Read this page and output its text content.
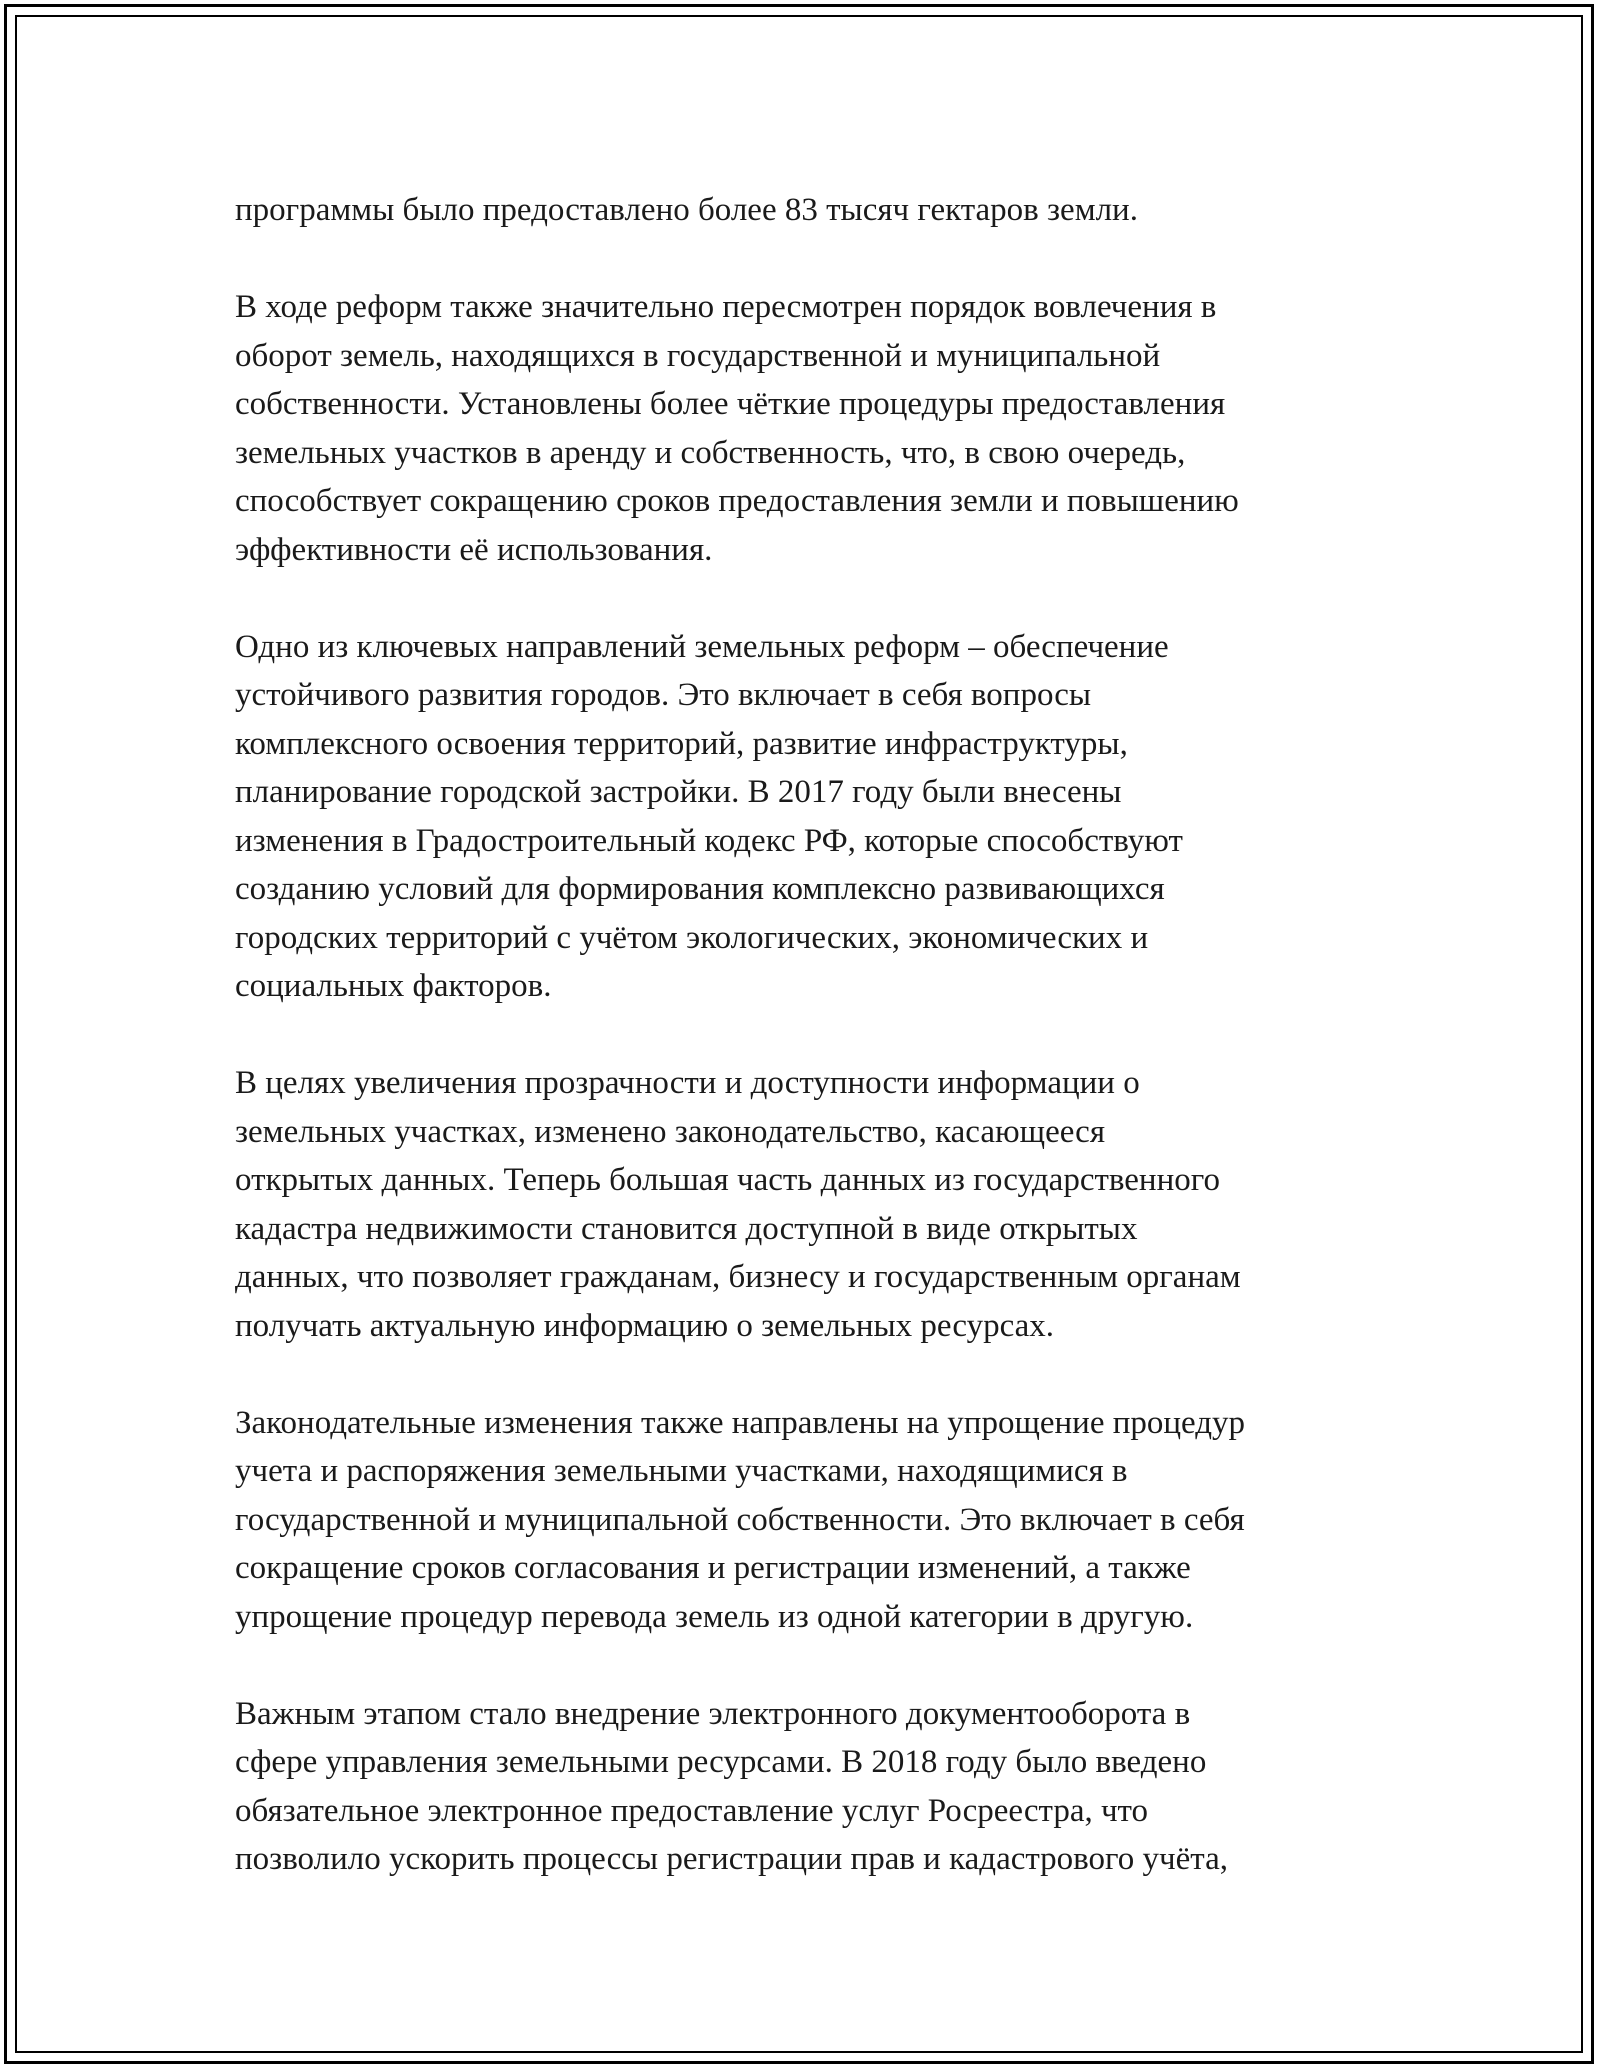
программы было предоставлено более 83 тысяч гектаров земли.

В ходе реформ также значительно пересмотрен порядок вовлечения в
оборот земель, находящихся в государственной и муниципальной
собственности. Установлены более чёткие процедуры предоставления
земельных участков в аренду и собственность, что, в свою очередь,
способствует сокращению сроков предоставления земли и повышению
эффективности её использования.

Одно из ключевых направлений земельных реформ – обеспечение
устойчивого развития городов. Это включает в себя вопросы
комплексного освоения территорий, развитие инфраструктуры,
планирование городской застройки. В 2017 году были внесены
изменения в Градостроительный кодекс РФ, которые способствуют
созданию условий для формирования комплексно развивающихся
городских территорий с учётом экологических, экономических и
социальных факторов.

В целях увеличения прозрачности и доступности информации о
земельных участках, изменено законодательство, касающееся
открытых данных. Теперь большая часть данных из государственного
кадастра недвижимости становится доступной в виде открытых
данных, что позволяет гражданам, бизнесу и государственным органам
получать актуальную информацию о земельных ресурсах.

Законодательные изменения также направлены на упрощение процедур
учета и распоряжения земельными участками, находящимися в
государственной и муниципальной собственности. Это включает в себя
сокращение сроков согласования и регистрации изменений, а также
упрощение процедур перевода земель из одной категории в другую.

Важным этапом стало внедрение электронного документооборота в
сфере управления земельными ресурсами. В 2018 году было введено
обязательное электронное предоставление услуг Росреестра, что
позволило ускорить процессы регистрации прав и кадастрового учёта,
